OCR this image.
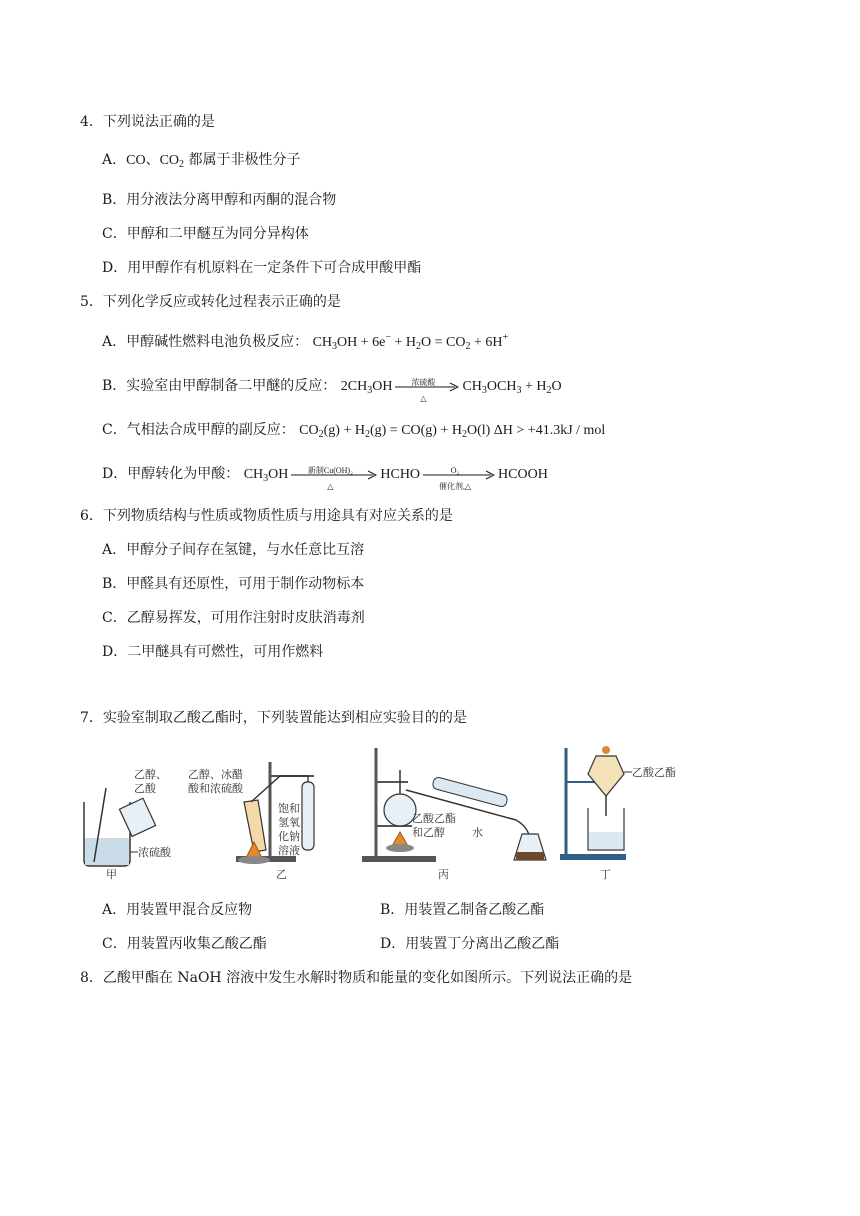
4．下列说法正确的是
A．CO、$CO_2$ 都属于非极性分子
B．用分液法分离甲醇和丙酮的混合物
C．甲醇和二甲醚互为同分异构体
D．用甲醇作有机原料在一定条件下可合成甲酸甲酯
5．下列化学反应或转化过程表示正确的是
A．甲醇碱性燃料电池负极反应： $CH_3OH + 6e^- + H_2O = CO_2 + 6H^+$
B．实验室由甲醇制备二甲醚的反应： $2CH_3OH$	浓硫酸
△
$CH_3OCH_3 + H_2O$
C．气相法合成甲醇的副反应： $CO_2(g) + H_2(g) = CO(g) + H_2O(l) \Delta H > +41.3kJ$ / mol
D．甲醇转化为甲酸： $CH_3OH$	新制Cu(OH)₂
△
HCHO	O₂
催化剂,△
HCOOH
6．下列物质结构与性质或物质性质与用途具有对应关系的是
A．甲醇分子间存在氢键，与水任意比互溶
B．甲醛具有还原性，可用于制作动物标本
C．乙醇易挥发，可用作注射时皮肤消毒剂
D．二甲醚具有可燃性，可用作燃料
7．实验室制取乙酸乙酯时，下列装置能达到相应实验目的的是
乙醇、
乙酸
浓硫酸
甲
乙醇、冰醋
酸和浓硫酸
饱和
氢氧
化钠
溶液
乙
乙酸乙酯
和乙醇 水
丙
乙酸乙酯
丁
A．用装置甲混合反应物	B．用装置乙制备乙酸乙酯
C．用装置丙收集乙酸乙酯	D．用装置丁分离出乙酸乙酯
8．乙酸甲酯在 NaOH 溶液中发生水解时物质和能量的变化如图所示。下列说法正确的是
